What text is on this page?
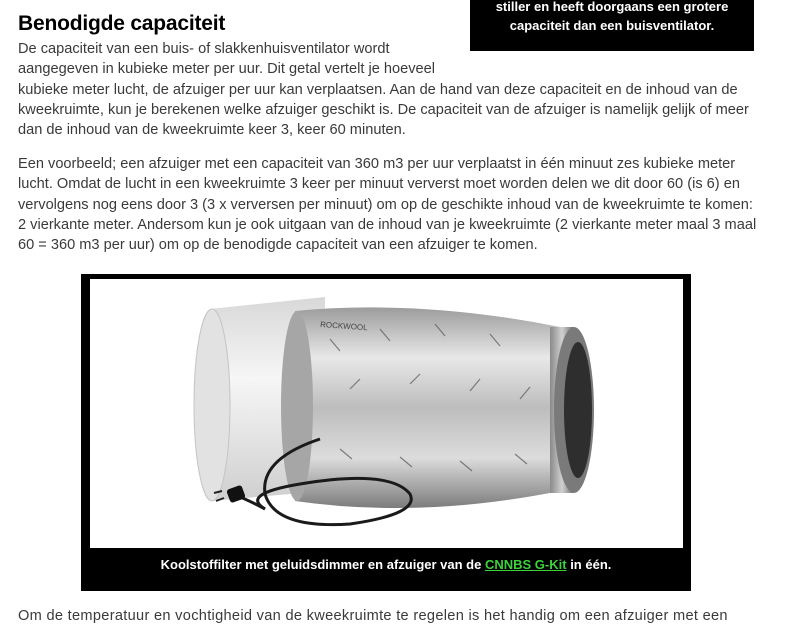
stiller en heeft doorgaans een grotere
capaciteit dan een buisventilator.
Benodigde capaciteit

De capaciteit van een buis- of slakkenhuisventilator wordt
aangegeven in kubieke meter per uur. Dit getal vertelt je hoeveel
kubieke meter lucht, de afzuiger per uur kan verplaatsen. Aan de hand van deze capaciteit en de inhoud van de kweekruimte, kun je berekenen welke afzuiger geschikt is. De capaciteit van de afzuiger is namelijk gelijk of meer dan de inhoud van de kweekruimte keer 3, keer 60 minuten.

Een voorbeeld; een afzuiger met een capaciteit van 360 m3 per uur verplaatst in één minuut zes kubieke meter lucht. Omdat de lucht in een kweekruimte 3 keer per minuut ververst moet worden delen we dit door 60 (is 6) en vervolgens nog eens door 3 (3 x verversen per minuut) om op de geschikte inhoud van de kweekruimte te komen: 2 vierkante meter. Andersom kun je ook uitgaan van de inhoud van je kweekruimte (2 vierkante meter maal 3 maal 60 = 360 m3 per uur) om op de benodigde capaciteit van een afzuiger te komen.

ROCKWOOL
Koolstoffilter met geluidsdimmer en afzuiger van de CNNBS G-Kit in één.
Om de temperatuur en vochtigheid van de kweekruimte te regelen is het handig om een afzuiger met een
